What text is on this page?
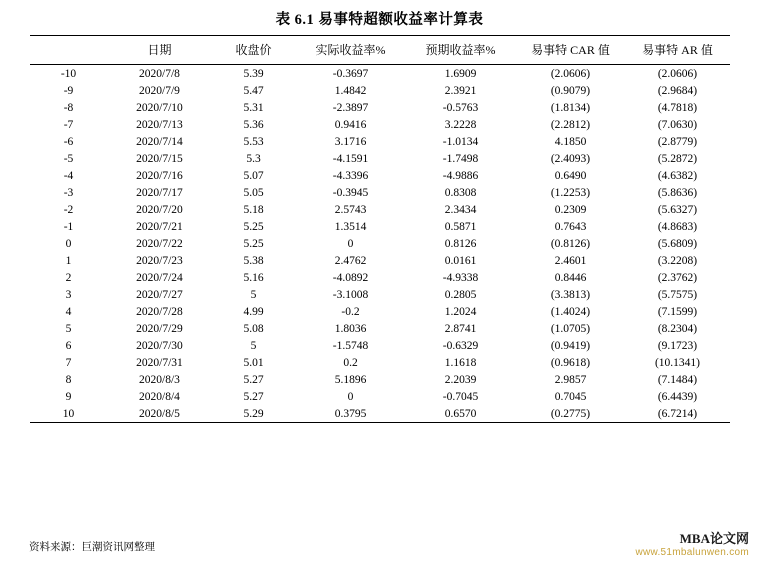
表 6.1 易事特超额收益率计算表
	日期	收盘价	实际收益率%	预期收益率%	易事特 CAR 值	易事特 AR 值
-10	2020/7/8	5.39	-0.3697	1.6909	(2.0606)	(2.0606)
-9	2020/7/9	5.47	1.4842	2.3921	(0.9079)	(2.9684)
-8	2020/7/10	5.31	-2.3897	-0.5763	(1.8134)	(4.7818)
-7	2020/7/13	5.36	0.9416	3.2228	(2.2812)	(7.0630)
-6	2020/7/14	5.53	3.1716	-1.0134	4.1850	(2.8779)
-5	2020/7/15	5.3	-4.1591	-1.7498	(2.4093)	(5.2872)
-4	2020/7/16	5.07	-4.3396	-4.9886	0.6490	(4.6382)
-3	2020/7/17	5.05	-0.3945	0.8308	(1.2253)	(5.8636)
-2	2020/7/20	5.18	2.5743	2.3434	0.2309	(5.6327)
-1	2020/7/21	5.25	1.3514	0.5871	0.7643	(4.8683)
0	2020/7/22	5.25	0	0.8126	(0.8126)	(5.6809)
1	2020/7/23	5.38	2.4762	0.0161	2.4601	(3.2208)
2	2020/7/24	5.16	-4.0892	-4.9338	0.8446	(2.3762)
3	2020/7/27	5	-3.1008	0.2805	(3.3813)	(5.7575)
4	2020/7/28	4.99	-0.2	1.2024	(1.4024)	(7.1599)
5	2020/7/29	5.08	1.8036	2.8741	(1.0705)	(8.2304)
6	2020/7/30	5	-1.5748	-0.6329	(0.9419)	(9.1723)
7	2020/7/31	5.01	0.2	1.1618	(0.9618)	(10.1341)
8	2020/8/3	5.27	5.1896	2.2039	2.9857	(7.1484)
9	2020/8/4	5.27	0	-0.7045	0.7045	(6.4439)
10	2020/8/5	5.29	0.3795	0.6570	(0.2775)	(6.7214)
资料来源：巨潮资讯网整理
MBA论文网
www.51mbalunwen.com
